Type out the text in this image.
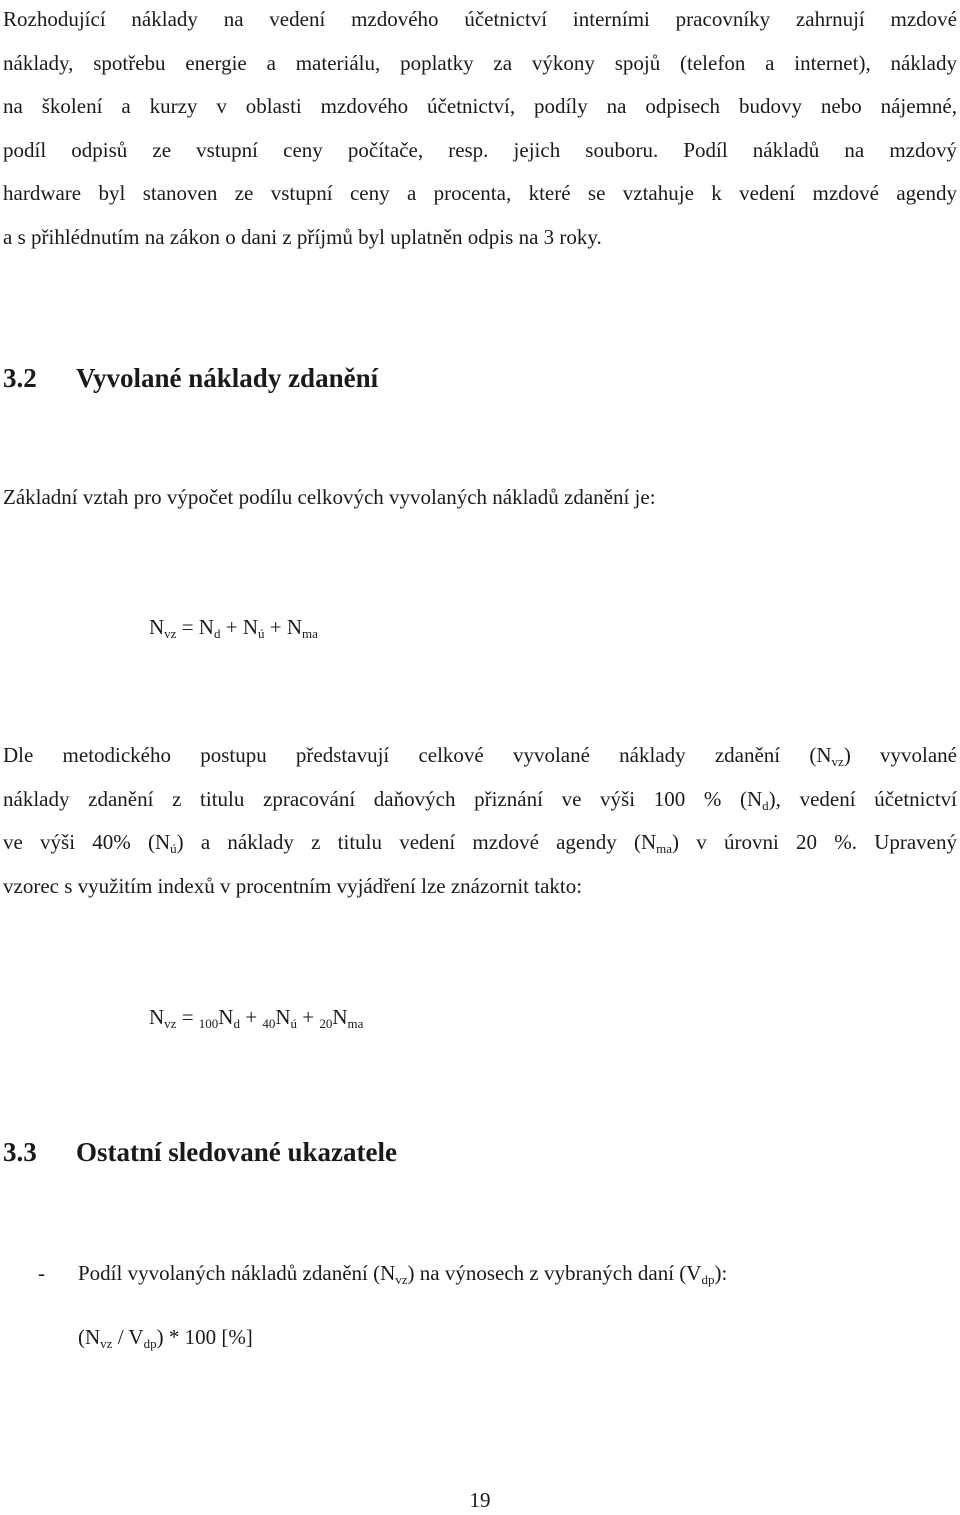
Rozhodující náklady na vedení mzdového účetnictví interními pracovníky zahrnují mzdové
náklady, spotřebu energie a materiálu, poplatky za výkony spojů (telefon a internet), náklady
na školení a kurzy v oblasti mzdového účetnictví, podíly na odpisech budovy nebo nájemné,
podíl odpisů ze vstupní ceny počítače, resp. jejich souboru. Podíl nákladů na mzdový
hardware byl stanoven ze vstupní ceny a procenta, které se vztahuje k vedení mzdové agendy
a s přihlédnutím na zákon o dani z příjmů byl uplatněn odpis na 3 roky.
3.2 Vyvolané náklady zdanění
Základní vztah pro výpočet podílu celkových vyvolaných nákladů zdanění je:
$N_{vz} = N_d + N_ú + N_{ma}$
Dle metodického postupu představují celkové vyvolané náklady zdanění $(N_{vz})$ vyvolané
náklady zdanění z titulu zpracování daňových přiznání ve výši 100 % $(N_d)$, vedení účetnictví
ve výši 40% $(N_ú)$ a náklady z titulu vedení mzdové agendy $(N_{ma})$ v úrovni 20 %. Upravený
vzorec s využitím indexů v procentním vyjádření lze znázornit takto:
$N_{vz} = _{100}N_d + _{40}N_ú + _{20}N_{ma}$
3.3 Ostatní sledované ukazatele
- Podíl vyvolaných nákladů zdanění $(N_{vz})$ na výnosech z vybraných daní $(V_{dp})$:
$(N_{vz} / V_{dp}) * 100$ [%]
19
